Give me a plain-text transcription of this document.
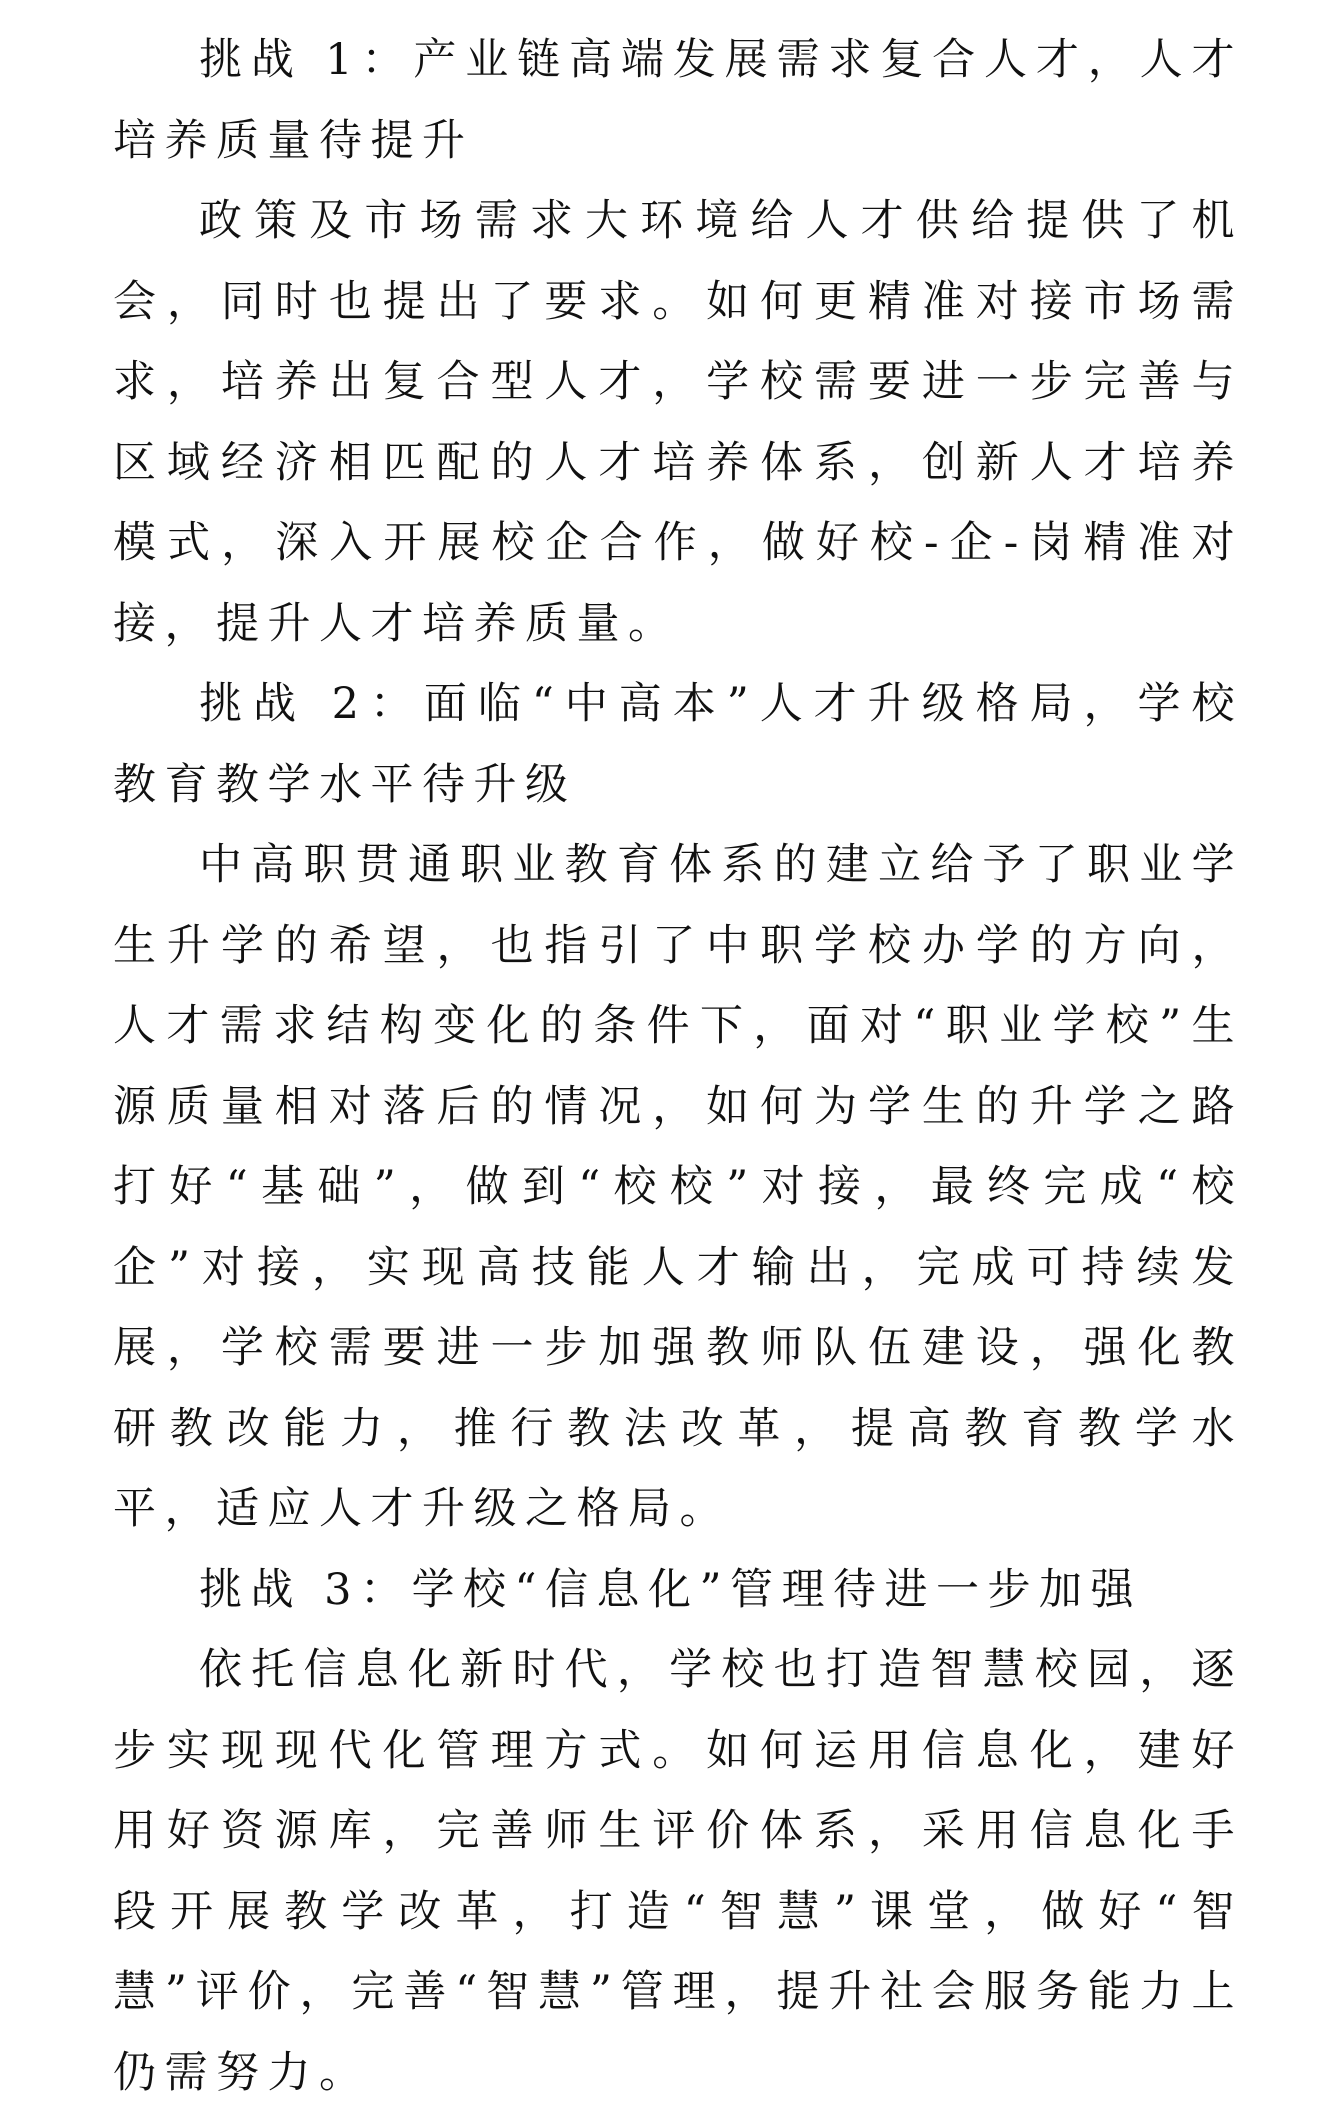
挑战 1：产业链高端发展需求复合人才，人才培养质量待提升

政策及市场需求大环境给人才供给提供了机会，同时也提出了要求。如何更精准对接市场需求，培养出复合型人才，学校需要进一步完善与区域经济相匹配的人才培养体系，创新人才培养模式，深入开展校企合作，做好校-企-岗精准对接，提升人才培养质量。

挑战 2：面临“中高本”人才升级格局，学校教育教学水平待升级

中高职贯通职业教育体系的建立给予了职业学生升学的希望，也指引了中职学校办学的方向，人才需求结构变化的条件下，面对“职业学校”生源质量相对落后的情况，如何为学生的升学之路打好“基础”，做到“校校”对接，最终完成“校企”对接，实现高技能人才输出，完成可持续发展，学校需要进一步加强教师队伍建设，强化教研教改能力，推行教法改革，提高教育教学水平，适应人才升级之格局。

挑战 3：学校“信息化”管理待进一步加强

依托信息化新时代，学校也打造智慧校园，逐步实现现代化管理方式。如何运用信息化，建好用好资源库，完善师生评价体系，采用信息化手段开展教学改革，打造“智慧”课堂，做好“智慧”评价，完善“智慧”管理，提升社会服务能力上仍需努力。
